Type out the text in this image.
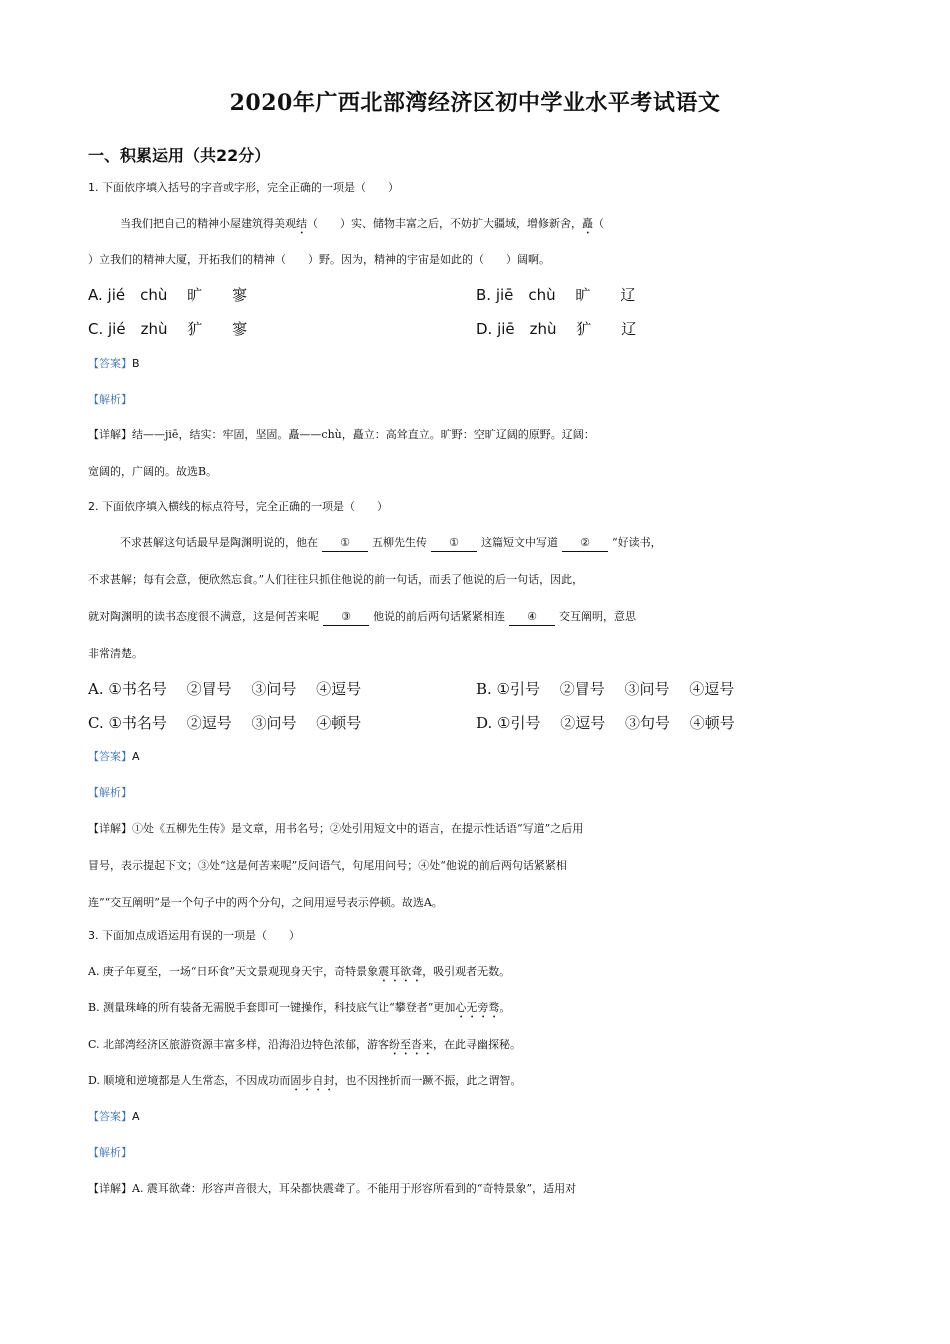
2020年广西北部湾经济区初中学业水平考试语文
一、积累运用（共22分）
1. 下面依序填入括号的字音或字形，完全正确的一项是（　　）
当我们把自己的精神小屋建筑得美观结（　　）实、储物丰富之后，不妨扩大疆域，增修新舍，矗（
）立我们的精神大厦，开拓我们的精神（　　）野。因为，精神的宇宙是如此的（　　）阔啊。
A. jié　chù　 旷　　寥	B. jiē　chù　 旷　　辽
C. jié　zhù　 犷　　寥	D. jiē　zhù　 犷　　辽
【答案】B
【解析】
【详解】结——jiē，结实：牢固，坚固。矗——chù，矗立：高耸直立。旷野：空旷辽阔的原野。辽阔：
宽阔的，广阔的。故选B。
2. 下面依序填入横线的标点符号，完全正确的一项是（　　）
不求甚解这句话最早是陶渊明说的，他在 ① 五柳先生传 ① 这篇短文中写道 ② “好读书，
不求甚解；每有会意，便欣然忘食。”人们往往只抓住他说的前一句话，而丢了他说的后一句话，因此，
就对陶渊明的读书态度很不满意，这是何苦来呢 ③ 他说的前后两句话紧紧相连 ④ 交互阐明，意思
非常清楚。
A. ①书名号　 ②冒号　 ③问号　 ④逗号	B. ①引号　 ②冒号　 ③问号　 ④逗号
C. ①书名号　 ②逗号　 ③问号　 ④顿号	D. ①引号　 ②逗号　 ③句号　 ④顿号
【答案】A
【解析】
【详解】①处《五柳先生传》是文章，用书名号；②处引用短文中的语言，在提示性话语“写道”之后用
冒号，表示提起下文；③处“这是何苦来呢”反问语气，句尾用问号；④处“他说的前后两句话紧紧相
连”“交互阐明”是一个句子中的两个分句，之间用逗号表示停顿。故选A。
3. 下面加点成语运用有误的一项是（　　）
A. 庚子年夏至，一场“日环食”天文景观现身天宇，奇特景象震耳欲聋，吸引观者无数。
B. 测量珠峰的所有装备无需脱手套即可一键操作，科技底气让“攀登者”更加心无旁骛。
C. 北部湾经济区旅游资源丰富多样，沿海沿边特色浓郁，游客纷至沓来，在此寻幽探秘。
D. 顺境和逆境都是人生常态，不因成功而固步自封，也不因挫折而一蹶不振，此之谓智。
【答案】A
【解析】
【详解】A. 震耳欲聋：形容声音很大，耳朵都快震聋了。不能用于形容所看到的“奇特景象”，适用对
